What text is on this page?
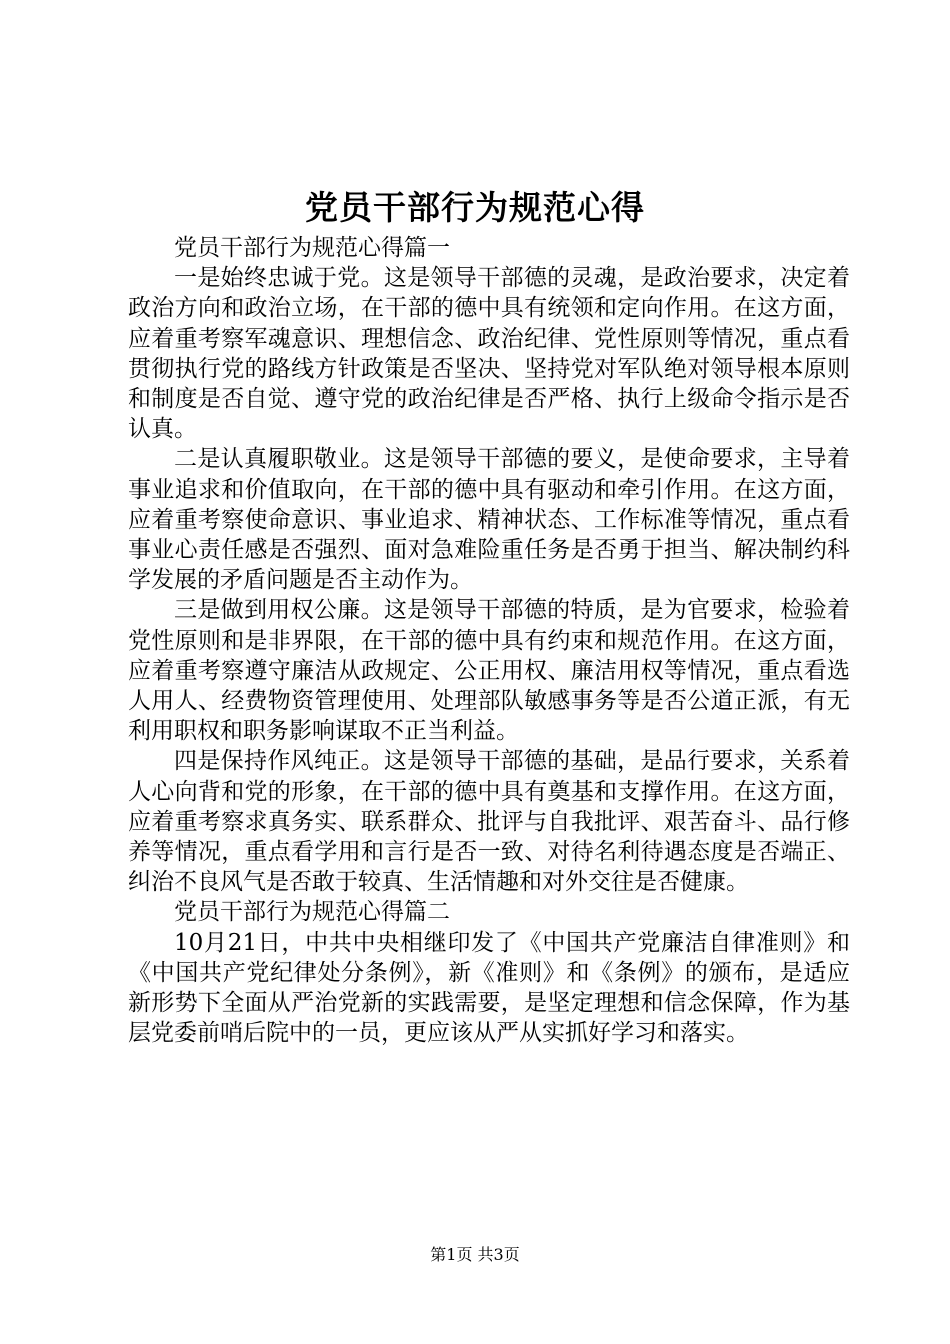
党员干部行为规范心得

党员干部行为规范心得篇一

一是始终忠诚于党。这是领导干部德的灵魂，是政治要求，决定着政治方向和政治立场，在干部的德中具有统领和定向作用。在这方面，应着重考察军魂意识、理想信念、政治纪律、党性原则等情况，重点看贯彻执行党的路线方针政策是否坚决、坚持党对军队绝对领导根本原则和制度是否自觉、遵守党的政治纪律是否严格、执行上级命令指示是否认真。

二是认真履职敬业。这是领导干部德的要义，是使命要求，主导着事业追求和价值取向，在干部的德中具有驱动和牵引作用。在这方面，应着重考察使命意识、事业追求、精神状态、工作标准等情况，重点看事业心责任感是否强烈、面对急难险重任务是否勇于担当、解决制约科学发展的矛盾问题是否主动作为。

三是做到用权公廉。这是领导干部德的特质，是为官要求，检验着党性原则和是非界限，在干部的德中具有约束和规范作用。在这方面，应着重考察遵守廉洁从政规定、公正用权、廉洁用权等情况，重点看选人用人、经费物资管理使用、处理部队敏感事务等是否公道正派，有无利用职权和职务影响谋取不正当利益。

四是保持作风纯正。这是领导干部德的基础，是品行要求，关系着人心向背和党的形象，在干部的德中具有奠基和支撑作用。在这方面，应着重考察求真务实、联系群众、批评与自我批评、艰苦奋斗、品行修养等情况，重点看学用和言行是否一致、对待名利待遇态度是否端正、纠治不良风气是否敢于较真、生活情趣和对外交往是否健康。

党员干部行为规范心得篇二

10月21日，中共中央相继印发了《中国共产党廉洁自律准则》和《中国共产党纪律处分条例》，新《准则》和《条例》的颁布，是适应新形势下全面从严治党新的实践需要，是坚定理想和信念保障，作为基层党委前哨后院中的一员，更应该从严从实抓好学习和落实。

第1页 共3页
